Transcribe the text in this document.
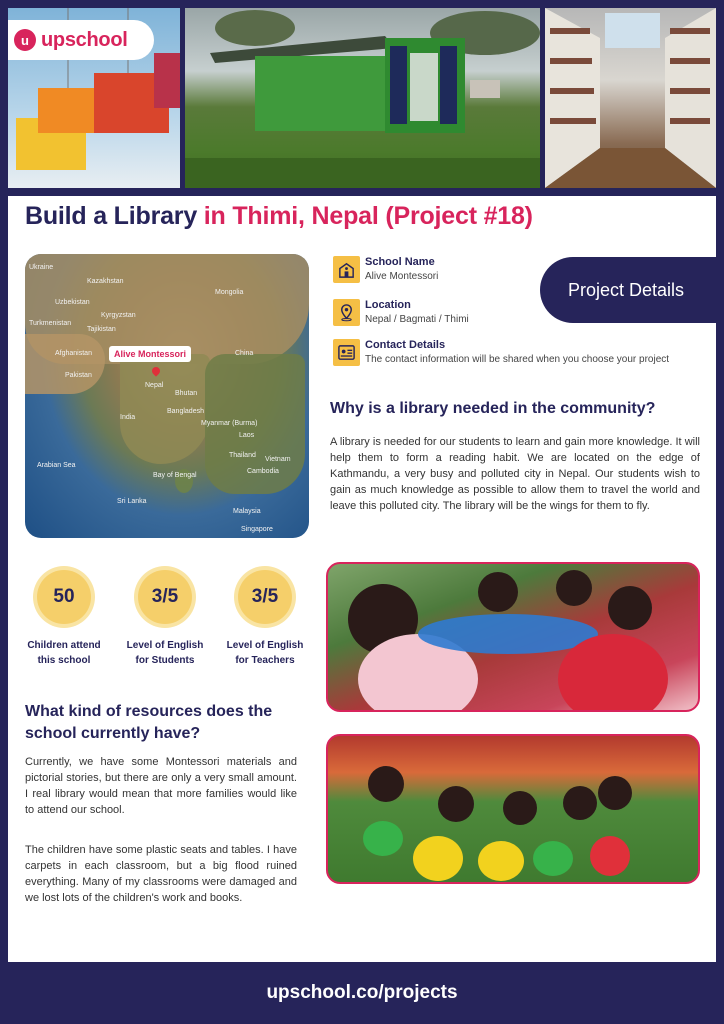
u upschool
Build a Library in Thimi, Nepal (Project #18)
Ukraine
Kazakhstan
Mongolia
Uzbekistan
Turkmenistan
Kyrgyzstan
Tajikistan
Afghanistan	China
Pakistan
Nepal
Bhutan
India
Bangladesh
Myanmar (Burma)
Laos
Thailand
Vietnam
Cambodia
Sri Lanka
Malaysia
Singapore
Arabian Sea
Bay of Bengal
Alive Montessori
School Name
Alive Montessori
Location
Nepal / Bagmati / Thimi
Contact Details
The contact information will be shared when you choose your project
Project Details
Why is a library needed in the community?
A library is needed for our students to learn and gain more knowledge. It will help them to form a reading habit. We are located on the edge of Kathmandu, a very busy and polluted city in Nepal. Our students wish to gain as much knowledge as possible to allow them to travel the world and leave this polluted city. The library will be the wings for them to fly.
50
Children attend
this school
3/5
Level of English
for Students
3/5
Level of English
for Teachers
What kind of resources does the
school currently have?
Currently, we have some Montessori materials and pictorial stories, but there are only a very small amount. I real library would mean that more families would like to attend our school.
The children have some plastic seats and tables. I have carpets in each classroom, but a big flood ruined everything. Many of my classrooms were damaged and we lost lots of the children's work and books.
upschool.co/projects
